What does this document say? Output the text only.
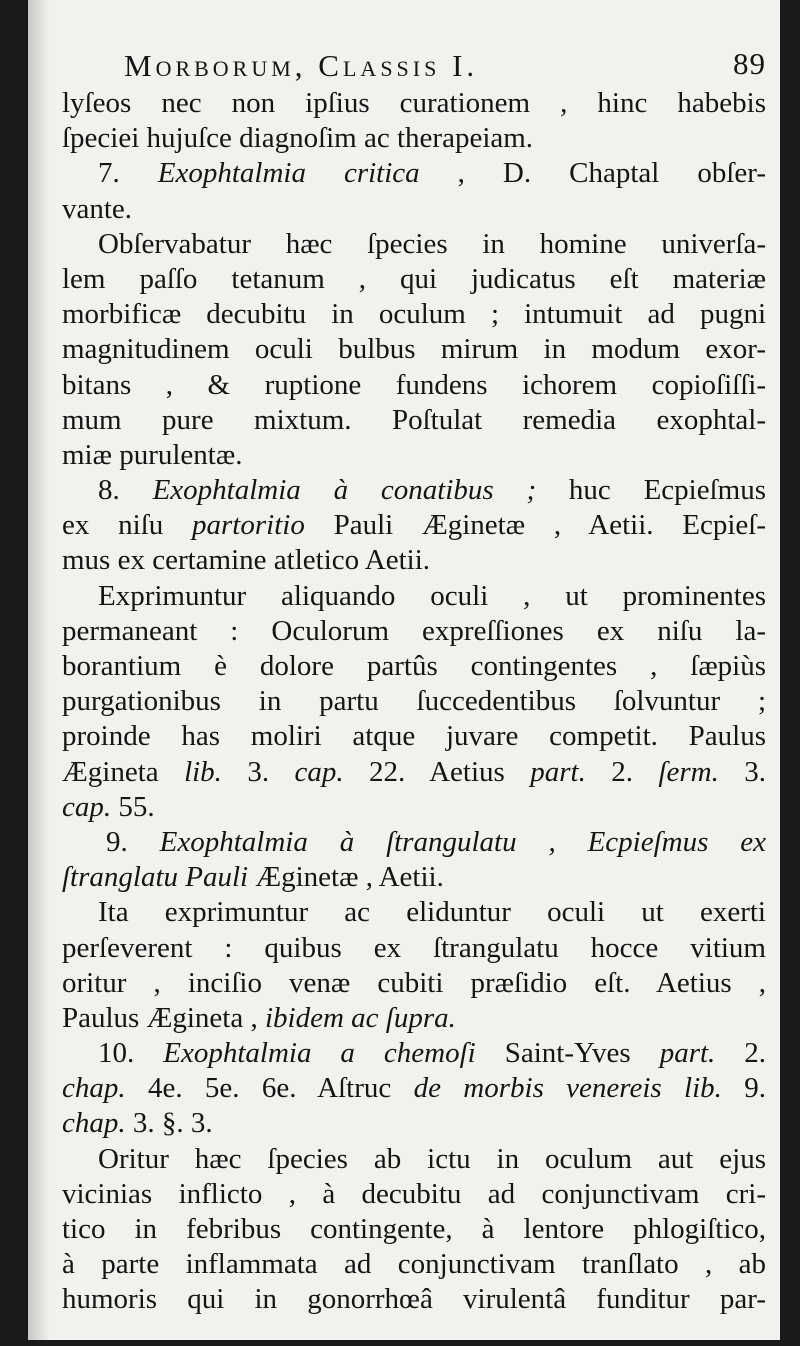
Morborum, Classis I.	89
lyſeos nec non ipſius curationem , hinc habebis
ſpeciei hujuſce diagnoſim ac therapeiam.
7. Exophtalmia critica , D. Chaptal obſer-
vante.
Obſervabatur hæc ſpecies in homine univerſa-
lem paſſo tetanum , qui judicatus eſt materiæ
morbificæ decubitu in oculum ; intumuit ad pugni
magnitudinem oculi bulbus mirum in modum exor-
bitans , & ruptione fundens ichorem copioſiſſi-
mum pure mixtum. Poſtulat remedia exophtal-
miæ purulentæ.
8. Exophtalmia à conatibus ; huc Ecpieſmus
ex niſu partoritio Pauli Æginetæ , Aetii. Ecpieſ-
mus ex certamine atletico Aetii.
Exprimuntur aliquando oculi , ut prominentes
permaneant : Oculorum expreſſiones ex niſu la-
borantium è dolore partûs contingentes , ſæpiùs
purgationibus in partu ſuccedentibus ſolvuntur ;
proinde has moliri atque juvare competit. Paulus
Ægineta lib. 3. cap. 22. Aetius part. 2. ſerm. 3.
cap. 55.
9. Exophtalmia à ſtrangulatu , Ecpieſmus ex
ſtranglatu Pauli Æginetæ , Aetii.
Ita exprimuntur ac eliduntur oculi ut exerti
perſeverent : quibus ex ſtrangulatu hocce vitium
oritur , inciſio venæ cubiti præſidio eſt. Aetius ,
Paulus Ægineta , ibidem ac ſupra.
10. Exophtalmia a chemoſi Saint-Yves part. 2.
chap. 4e. 5e. 6e. Aſtruc de morbis venereis lib. 9.
chap. 3. §. 3.
Oritur hæc ſpecies ab ictu in oculum aut ejus
vicinias inflicto , à decubitu ad conjunctivam cri-
tico in febribus contingente, à lentore phlogiſtico,
à parte inflammata ad conjunctivam tranſlato , ab
humoris qui in gonorrhœâ virulentâ funditur par-
